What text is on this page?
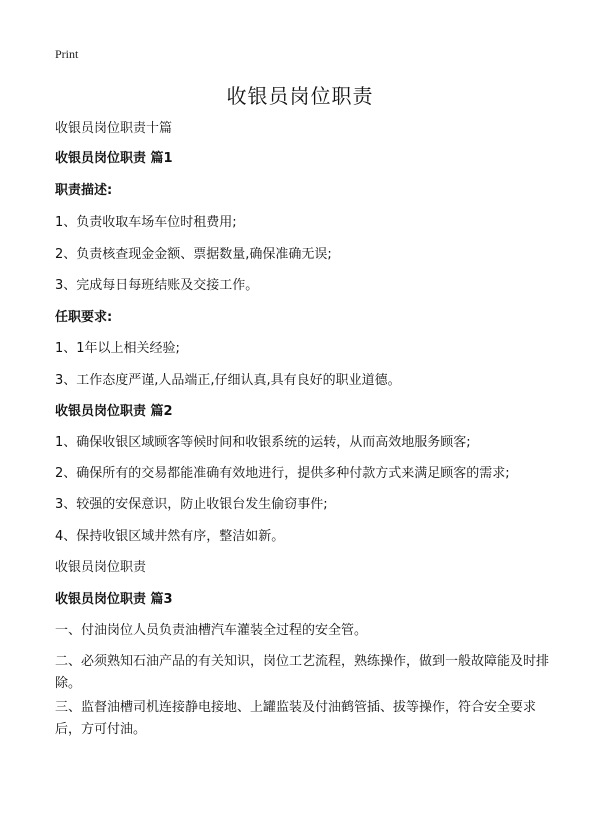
Print
收银员岗位职责
收银员岗位职责十篇
收银员岗位职责 篇1
职责描述:
1、负责收取车场车位时租费用;
2、负责核查现金金额、票据数量,确保准确无误;
3、完成每日每班结账及交接工作。
任职要求:
1、1年以上相关经验;
3、工作态度严谨,人品端正,仔细认真,具有良好的职业道德。
收银员岗位职责 篇2
1、确保收银区域顾客等候时间和收银系统的运转，从而高效地服务顾客;
2、确保所有的交易都能准确有效地进行，提供多种付款方式来满足顾客的需求;
3、较强的安保意识，防止收银台发生偷窃事件;
4、保持收银区域井然有序，整洁如新。
收银员岗位职责
收银员岗位职责 篇3
一、付油岗位人员负责油槽汽车灌装全过程的安全管。
二、必须熟知石油产品的有关知识，岗位工艺流程，熟练操作，做到一般故障能及时排除。
三、监督油槽司机连接静电接地、上罐监装及付油鹤管插、拔等操作，符合安全要求后，方可付油。
